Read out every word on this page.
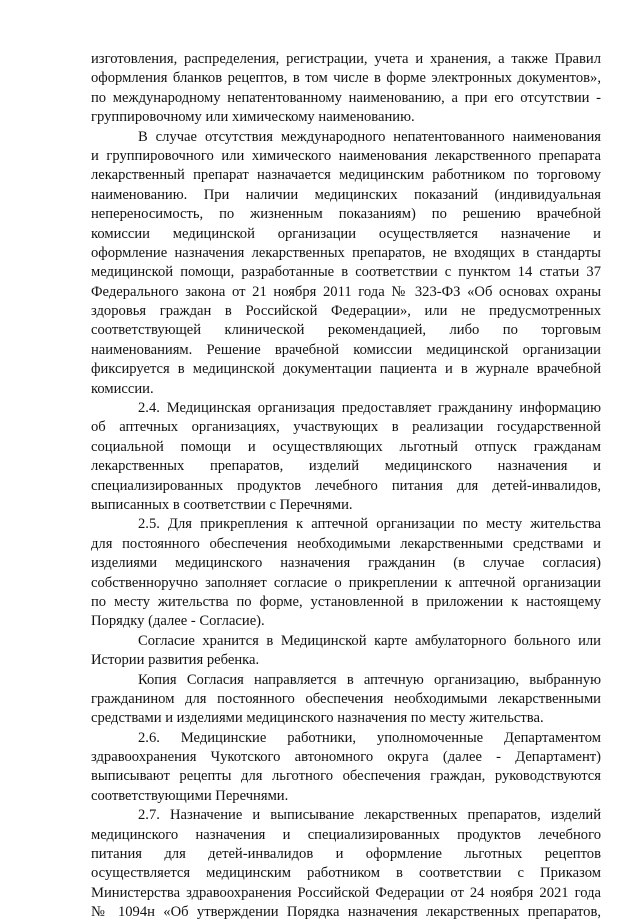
изготовления, распределения, регистрации, учета и хранения, а также Правил
оформления бланков рецептов, в том числе в форме электронных документов»,
по международному непатентованному наименованию, а при его отсутствии -
группировочному или химическому наименованию.
В случае отсутствия международного непатентованного наименования
и группировочного или химического наименования лекарственного препарата
лекарственный препарат назначается медицинским работником по торговому
наименованию. При наличии медицинских показаний (индивидуальная
непереносимость, по жизненным показаниям) по решению врачебной
комиссии медицинской организации осуществляется назначение и
оформление назначения лекарственных препаратов, не входящих в стандарты
медицинской помощи, разработанные в соответствии с пунктом 14 статьи 37
Федерального закона от 21 ноября 2011 года № 323-ФЗ «Об основах охраны
здоровья граждан в Российской Федерации», или не предусмотренных
соответствующей клинической рекомендацией, либо по торговым
наименованиям. Решение врачебной комиссии медицинской организации
фиксируется в медицинской документации пациента и в журнале врачебной
комиссии.
2.4. Медицинская организация предоставляет гражданину информацию
об аптечных организациях, участвующих в реализации государственной
социальной помощи и осуществляющих льготный отпуск гражданам
лекарственных препаратов, изделий медицинского назначения и
специализированных продуктов лечебного питания для детей-инвалидов,
выписанных в соответствии с Перечнями.
2.5. Для прикрепления к аптечной организации по месту жительства
для постоянного обеспечения необходимыми лекарственными средствами и
изделиями медицинского назначения гражданин (в случае согласия)
собственноручно заполняет согласие о прикреплении к аптечной организации
по месту жительства по форме, установленной в приложении к настоящему
Порядку (далее - Согласие).
Согласие хранится в Медицинской карте амбулаторного больного или
Истории развития ребенка.
Копия Согласия направляется в аптечную организацию, выбранную
гражданином для постоянного обеспечения необходимыми лекарственными
средствами и изделиями медицинского назначения по месту жительства.
2.6. Медицинские работники, уполномоченные Департаментом
здравоохранения Чукотского автономного округа (далее - Департамент)
выписывают рецепты для льготного обеспечения граждан, руководствуются
соответствующими Перечнями.
2.7. Назначение и выписывание лекарственных препаратов, изделий
медицинского назначения и специализированных продуктов лечебного
питания для детей-инвалидов и оформление льготных рецептов
осуществляется медицинским работником в соответствии с Приказом
Министерства здравоохранения Российской Федерации от 24 ноября 2021 года
№ 1094н «Об утверждении Порядка назначения лекарственных препаратов,
